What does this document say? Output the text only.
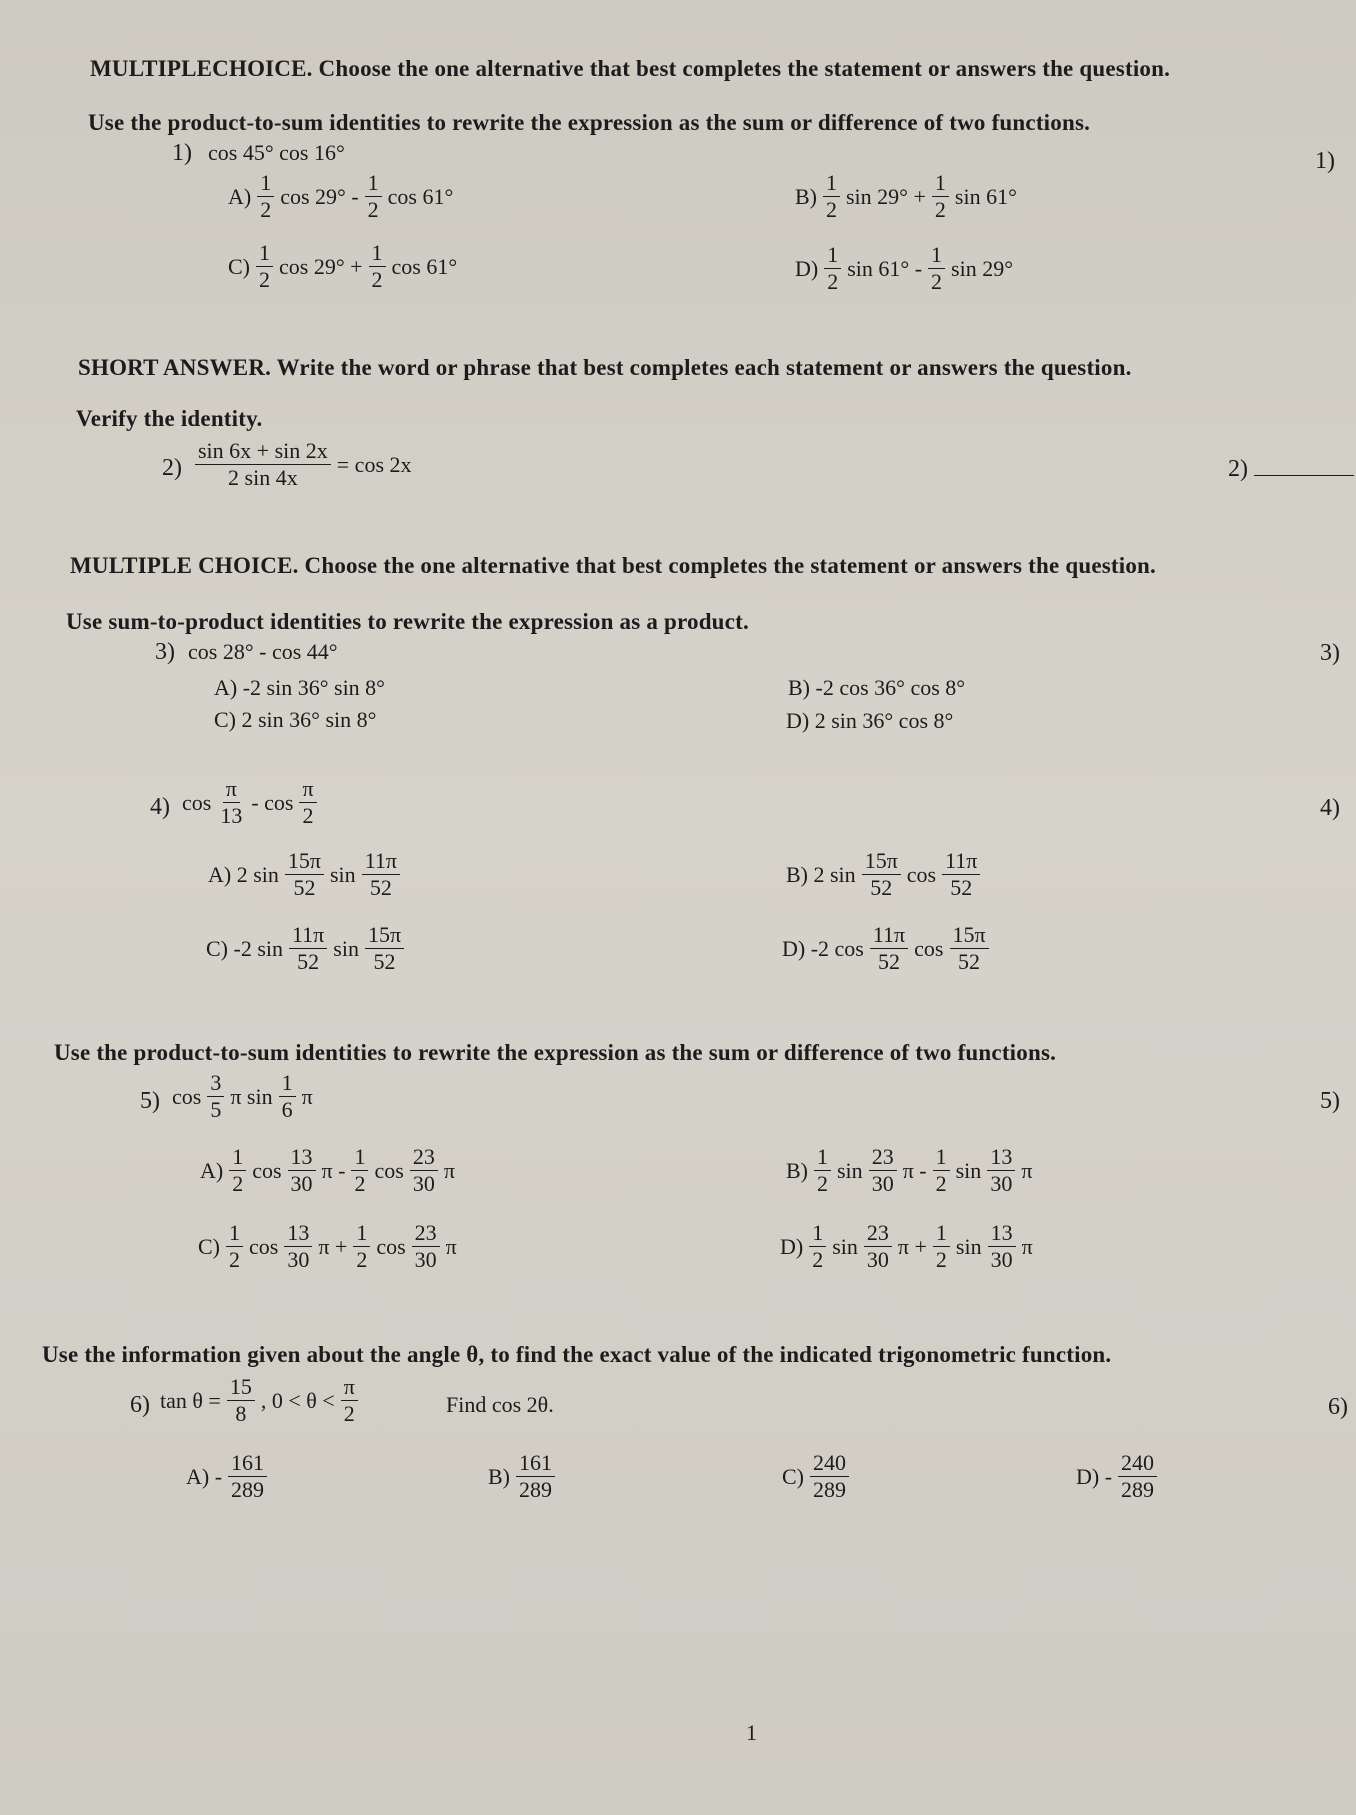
MULTIPLECHOICE. Choose the one alternative that best completes the statement or answers the question.
Use the product-to-sum identities to rewrite the expression as the sum or difference of two functions.
1) cos 45° cos 16°	1)
$A) \frac{1}{2}$ $\cos 29^\circ - \frac{1}{2}$ cos 61°	$B) \frac{1}{2}$ $\sin 29^\circ + \frac{1}{2}$ sin 61°
$C) \frac{1}{2}$ $\cos 29^\circ + \frac{1}{2}$ cos 61°	$D) \frac{1}{2}$ $\sin 61^\circ - \frac{1}{2}$ sin 29°
SHORT ANSWER. Write the word or phrase that best completes each statement or answers the question.
Verify the identity.
$2) \frac{\sin 6x + \sin 2x}{2 \sin 4x} = \cos 2x$	2)
MULTIPLE CHOICE. Choose the one alternative that best completes the statement or answers the question.
Use sum-to-product identities to rewrite the expression as a product.
3) cos 28° - cos 44°	3)
A) -2 sin 36° sin 8°	B) -2 cos 36° cos 8°
C) 2 sin 36° sin 8°	D) 2 sin 36° cos 8°
4) $\cos \frac{\pi}{13}$ - $\cos \frac{\pi}{2}$	4)
A) 2 $\sin \frac{15\pi}{52}$ $\sin \frac{11\pi}{52}$	B) 2 $\sin \frac{15\pi}{52}$ $\cos \frac{11\pi}{52}$
C) -2 $\sin \frac{11\pi}{52}$ $\sin \frac{15\pi}{52}$	D) -2 $\cos \frac{11\pi}{52}$ $\cos \frac{15\pi}{52}$
Use the product-to-sum identities to rewrite the expression as the sum or difference of two functions.
5) $\cos \frac{3}{5}$ π $\sin \frac{1}{6}$ π	5)
$A) \frac{1}{2}$ $\cos \frac{13}{30}$ π - $\frac{1}{2}$ $\cos \frac{23}{30}$ π	$B) \frac{1}{2}$ $\sin \frac{23}{30}$ π - $\frac{1}{2}$ $\sin \frac{13}{30}$ π
$C) \frac{1}{2}$ $\cos \frac{13}{30}$ $\pi + \frac{1}{2}$ $\cos \frac{23}{30}$ π	$D) \frac{1}{2}$ $\sin \frac{23}{30}$ $\pi + \frac{1}{2}$ $\sin \frac{13}{30}$ π
Use the information given about the angle θ, to find the exact value of the indicated trigonometric function.
6) $\tan \theta = \frac{15}{8}$ , $0 < \theta < \frac{\pi}{2}$	Find cos 2θ.	6)
$A) - \frac{161}{289}$	$B) \frac{161}{289}$	$C) \frac{240}{289}$	$D) - \frac{240}{289}$
1
